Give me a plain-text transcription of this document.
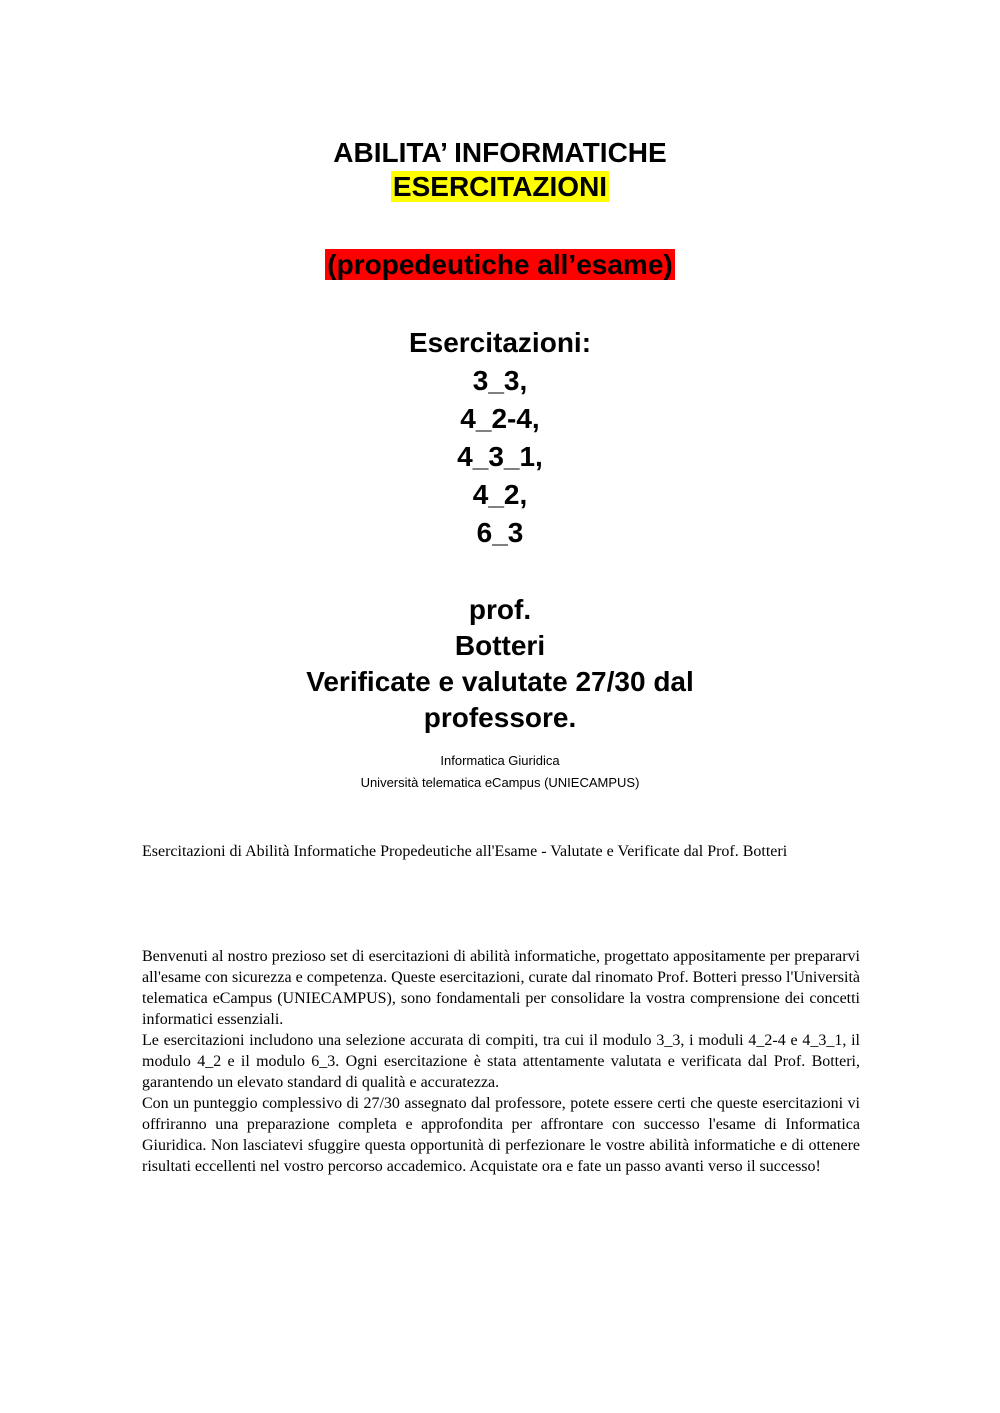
ABILITA’ INFORMATICHE
ESERCITAZIONI
(propedeutiche all’esame)
Esercitazioni:
3_3,
4_2-4,
4_3_1,
4_2,
6_3
prof.
Botteri
Verificate e valutate 27/30 dal
professore.
Informatica Giuridica
Università telematica eCampus (UNIECAMPUS)
Esercitazioni di Abilità Informatiche Propedeutiche all'Esame - Valutate e Verificate dal Prof. Botteri

Benvenuti al nostro prezioso set di esercitazioni di abilità informatiche, progettato appositamente per prepararvi all'esame con sicurezza e competenza. Queste esercitazioni, curate dal rinomato Prof. Botteri presso l'Università telematica eCampus (UNIECAMPUS), sono fondamentali per consolidare la vostra comprensione dei concetti informatici essenziali.

Le esercitazioni includono una selezione accurata di compiti, tra cui il modulo 3_3, i moduli 4_2-4 e 4_3_1, il modulo 4_2 e il modulo 6_3. Ogni esercitazione è stata attentamente valutata e verificata dal Prof. Botteri, garantendo un elevato standard di qualità e accuratezza.

Con un punteggio complessivo di 27/30 assegnato dal professore, potete essere certi che queste esercitazioni vi offriranno una preparazione completa e approfondita per affrontare con successo l'esame di Informatica Giuridica. Non lasciatevi sfuggire questa opportunità di perfezionare le vostre abilità informatiche e di ottenere risultati eccellenti nel vostro percorso accademico. Acquistate ora e fate un passo avanti verso il successo!
